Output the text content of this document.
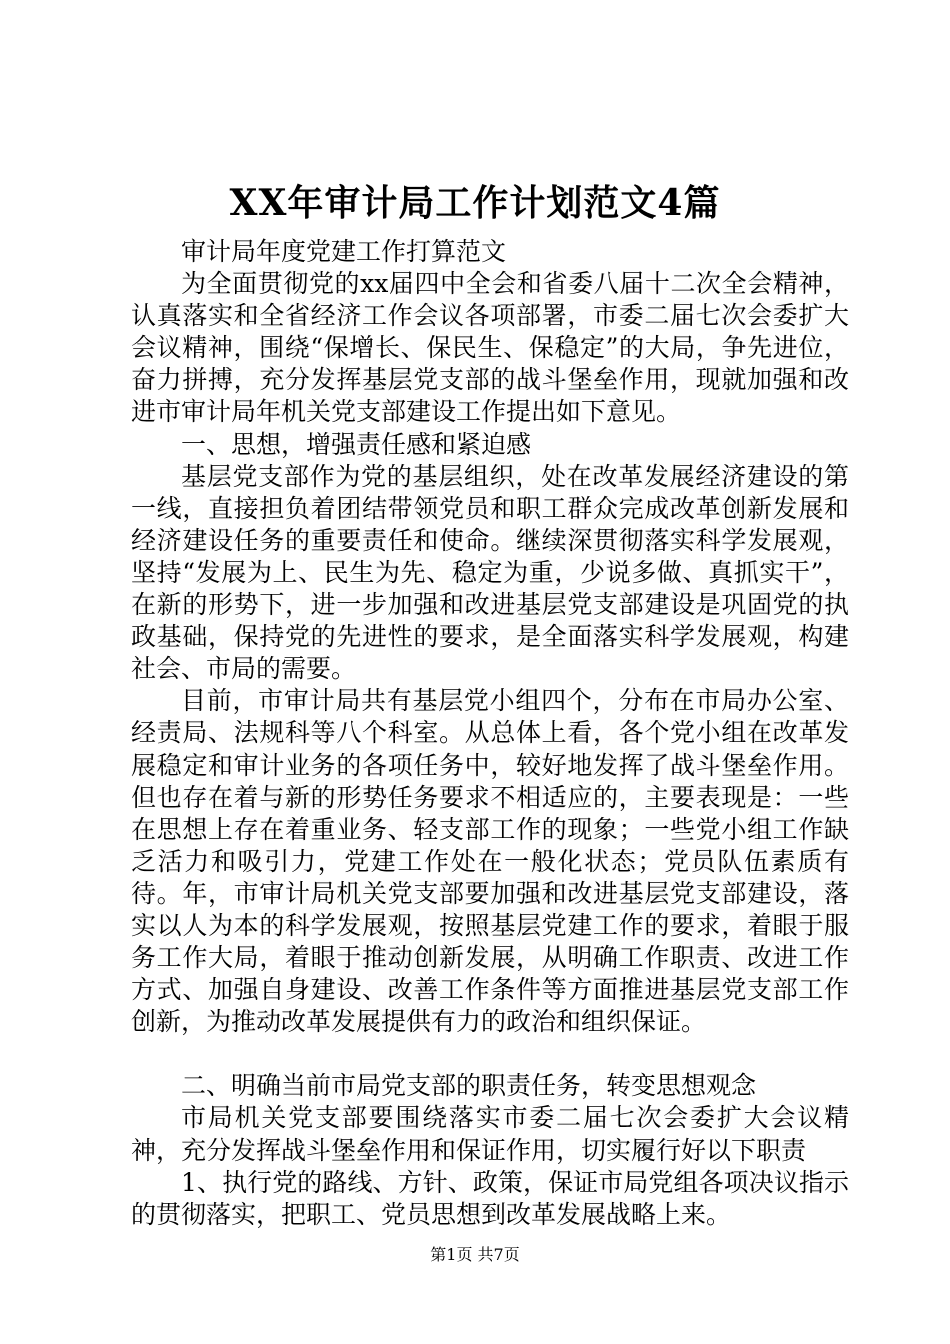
XX年审计局工作计划范文4篇

审计局年度党建工作打算范文

为全面贯彻党的xx届四中全会和省委八届十二次全会精神，认真落实和全省经济工作会议各项部署，市委二届七次会委扩大会议精神，围绕“保增长、保民生、保稳定”的大局，争先进位，奋力拼搏，充分发挥基层党支部的战斗堡垒作用，现就加强和改进市审计局年机关党支部建设工作提出如下意见。

一、思想，增强责任感和紧迫感

基层党支部作为党的基层组织，处在改革发展经济建设的第一线，直接担负着团结带领党员和职工群众完成改革创新发展和经济建设任务的重要责任和使命。继续深贯彻落实科学发展观，坚持“发展为上、民生为先、稳定为重，少说多做、真抓实干”，在新的形势下，进一步加强和改进基层党支部建设是巩固党的执政基础，保持党的先进性的要求，是全面落实科学发展观，构建社会、市局的需要。

目前，市审计局共有基层党小组四个，分布在市局办公室、经责局、法规科等八个科室。从总体上看，各个党小组在改革发展稳定和审计业务的各项任务中，较好地发挥了战斗堡垒作用。但也存在着与新的形势任务要求不相适应的，主要表现是：一些在思想上存在着重业务、轻支部工作的现象；一些党小组工作缺乏活力和吸引力，党建工作处在一般化状态；党员队伍素质有待。年，市审计局机关党支部要加强和改进基层党支部建设，落实以人为本的科学发展观，按照基层党建工作的要求，着眼于服务工作大局，着眼于推动创新发展，从明确工作职责、改进工作方式、加强自身建设、改善工作条件等方面推进基层党支部工作创新，为推动改革发展提供有力的政治和组织保证。

二、明确当前市局党支部的职责任务，转变思想观念

市局机关党支部要围绕落实市委二届七次会委扩大会议精神，充分发挥战斗堡垒作用和保证作用，切实履行好以下职责

1、执行党的路线、方针、政策，保证市局党组各项决议指示的贯彻落实，把职工、党员思想到改革发展战略上来。

第1页 共7页
